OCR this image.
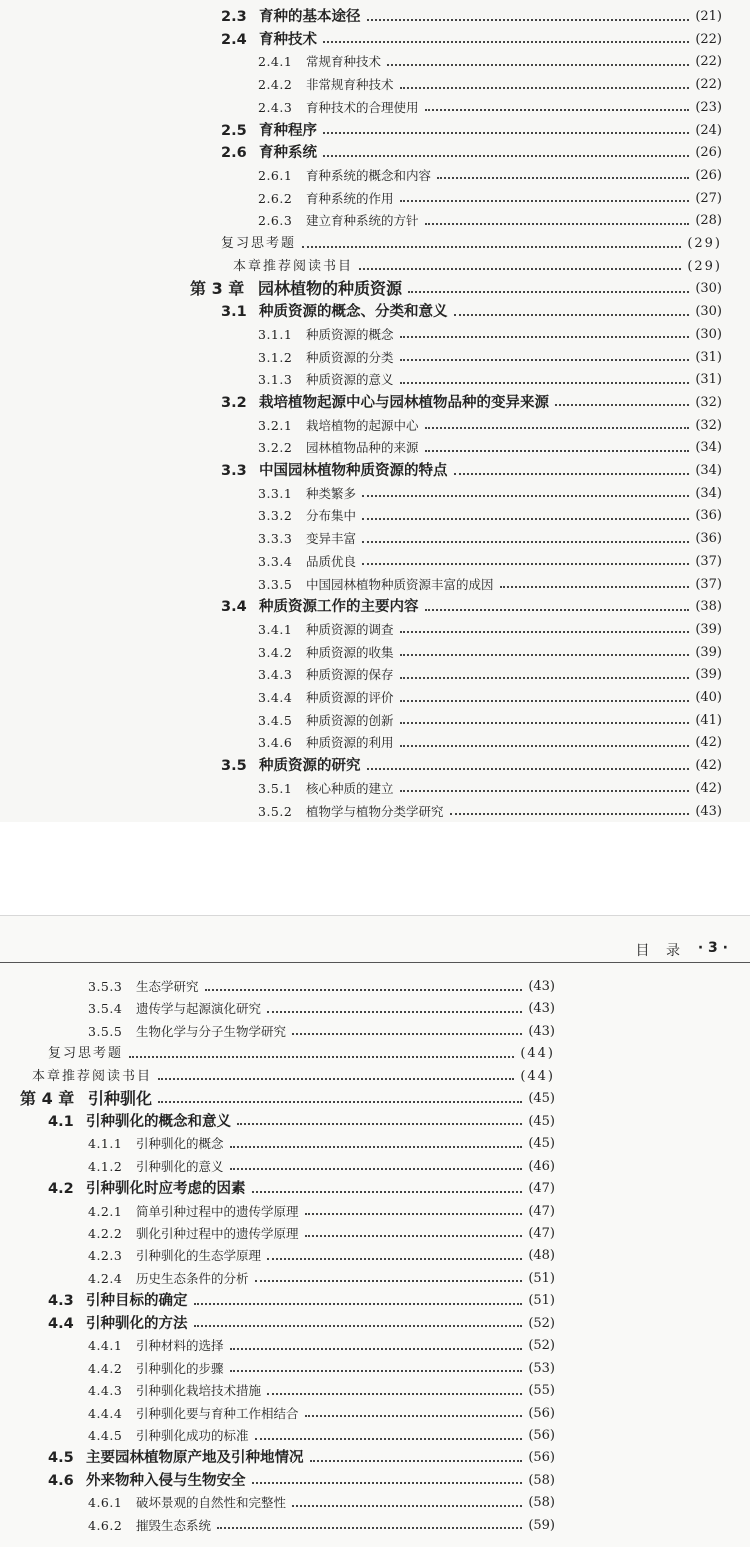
2.3 育种的基本途径	(21)
2.4 育种技术	(22)
2.4.1	常规育种技术	(22)
2.4.2	非常规育种技术	(22)
2.4.3	育种技术的合理使用	(23)
2.5 育种程序	(24)
2.6 育种系统	(26)
2.6.1	育种系统的概念和内容	(26)
2.6.2	育种系统的作用	(27)
2.6.3	建立育种系统的方针	(28)
复习思考题	(29)
本章推荐阅读书目	(29)
第 3 章 园林植物的种质资源	(30)
3.1 种质资源的概念、分类和意义	(30)
3.1.1	种质资源的概念	(30)
3.1.2	种质资源的分类	(31)
3.1.3	种质资源的意义	(31)
3.2 栽培植物起源中心与园林植物品种的变异来源	(32)
3.2.1	栽培植物的起源中心	(32)
3.2.2	园林植物品种的来源	(34)
3.3 中国园林植物种质资源的特点	(34)
3.3.1	种类繁多	(34)
3.3.2	分布集中	(36)
3.3.3	变异丰富	(36)
3.3.4	品质优良	(37)
3.3.5	中国园林植物种质资源丰富的成因	(37)
3.4 种质资源工作的主要内容	(38)
3.4.1	种质资源的调查	(39)
3.4.2	种质资源的收集	(39)
3.4.3	种质资源的保存	(39)
3.4.4	种质资源的评价	(40)
3.4.5	种质资源的创新	(41)
3.4.6	种质资源的利用	(42)
3.5 种质资源的研究	(42)
3.5.1	核心种质的建立	(42)
3.5.2	植物学与植物分类学研究	(43)
目 录 · 3 ·
3.5.3	生态学研究	(43)
3.5.4	遗传学与起源演化研究	(43)
3.5.5	生物化学与分子生物学研究	(43)
复习思考题	(44)
本章推荐阅读书目	(44)
第 4 章 引种驯化	(45)
4.1 引种驯化的概念和意义	(45)
4.1.1	引种驯化的概念	(45)
4.1.2	引种驯化的意义	(46)
4.2 引种驯化时应考虑的因素	(47)
4.2.1	简单引种过程中的遗传学原理	(47)
4.2.2	驯化引种过程中的遗传学原理	(47)
4.2.3	引种驯化的生态学原理	(48)
4.2.4	历史生态条件的分析	(51)
4.3 引种目标的确定	(51)
4.4 引种驯化的方法	(52)
4.4.1	引种材料的选择	(52)
4.4.2	引种驯化的步骤	(53)
4.4.3	引种驯化栽培技术措施	(55)
4.4.4	引种驯化要与育种工作相结合	(56)
4.4.5	引种驯化成功的标准	(56)
4.5 主要园林植物原产地及引种地情况	(56)
4.6 外来物种入侵与生物安全	(58)
4.6.1	破坏景观的自然性和完整性	(58)
4.6.2	摧毁生态系统	(59)
